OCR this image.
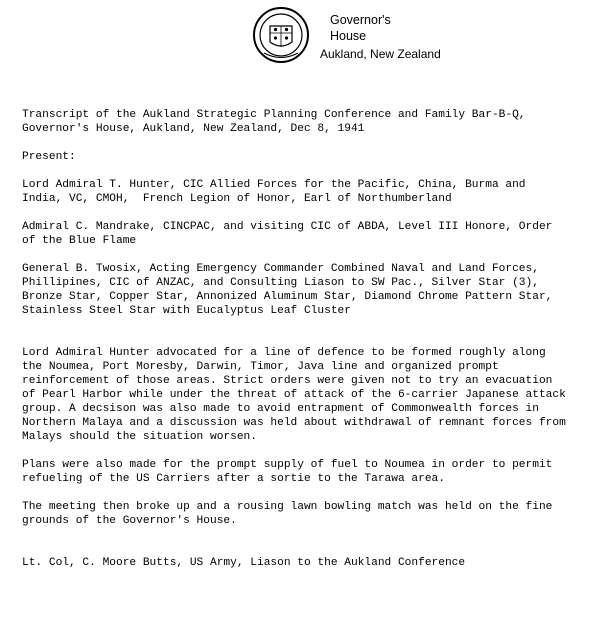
Governor's
House
Aukland, New Zealand

Transcript of the Aukland Strategic Planning Conference and Family Bar-B-Q,

Governor's House, Aukland, New Zealand, Dec 8, 1941

Present:

Lord Admiral T. Hunter, CIC Allied Forces for the Pacific, China, Burma and

India, VC, CMOH,  French Legion of Honor, Earl of Northumberland

Admiral C. Mandrake, CINCPAC, and visiting CIC of ABDA, Level III Honore, Order

of the Blue Flame

General B. Twosix, Acting Emergency Commander Combined Naval and Land Forces,

Phillipines, CIC of ANZAC, and Consulting Liason to SW Pac., Silver Star (3),

Bronze Star, Copper Star, Annonized Aluminum Star, Diamond Chrome Pattern Star,

Stainless Steel Star with Eucalyptus Leaf Cluster

Lord Admiral Hunter advocated for a line of defence to be formed roughly along

the Noumea, Port Moresby, Darwin, Timor, Java line and organized prompt

reinforcement of those areas. Strict orders were given not to try an evacuation

of Pearl Harbor while under the threat of attack of the 6-carrier Japanese attack

group. A decsison was also made to avoid entrapment of Commonwealth forces in

Northern Malaya and a discussion was held about withdrawal of remnant forces from

Malays should the situation worsen.

Plans were also made for the prompt supply of fuel to Noumea in order to permit

refueling of the US Carriers after a sortie to the Tarawa area.

The meeting then broke up and a rousing lawn bowling match was held on the fine

grounds of the Governor's House.

Lt. Col, C. Moore Butts, US Army, Liason to the Aukland Conference
